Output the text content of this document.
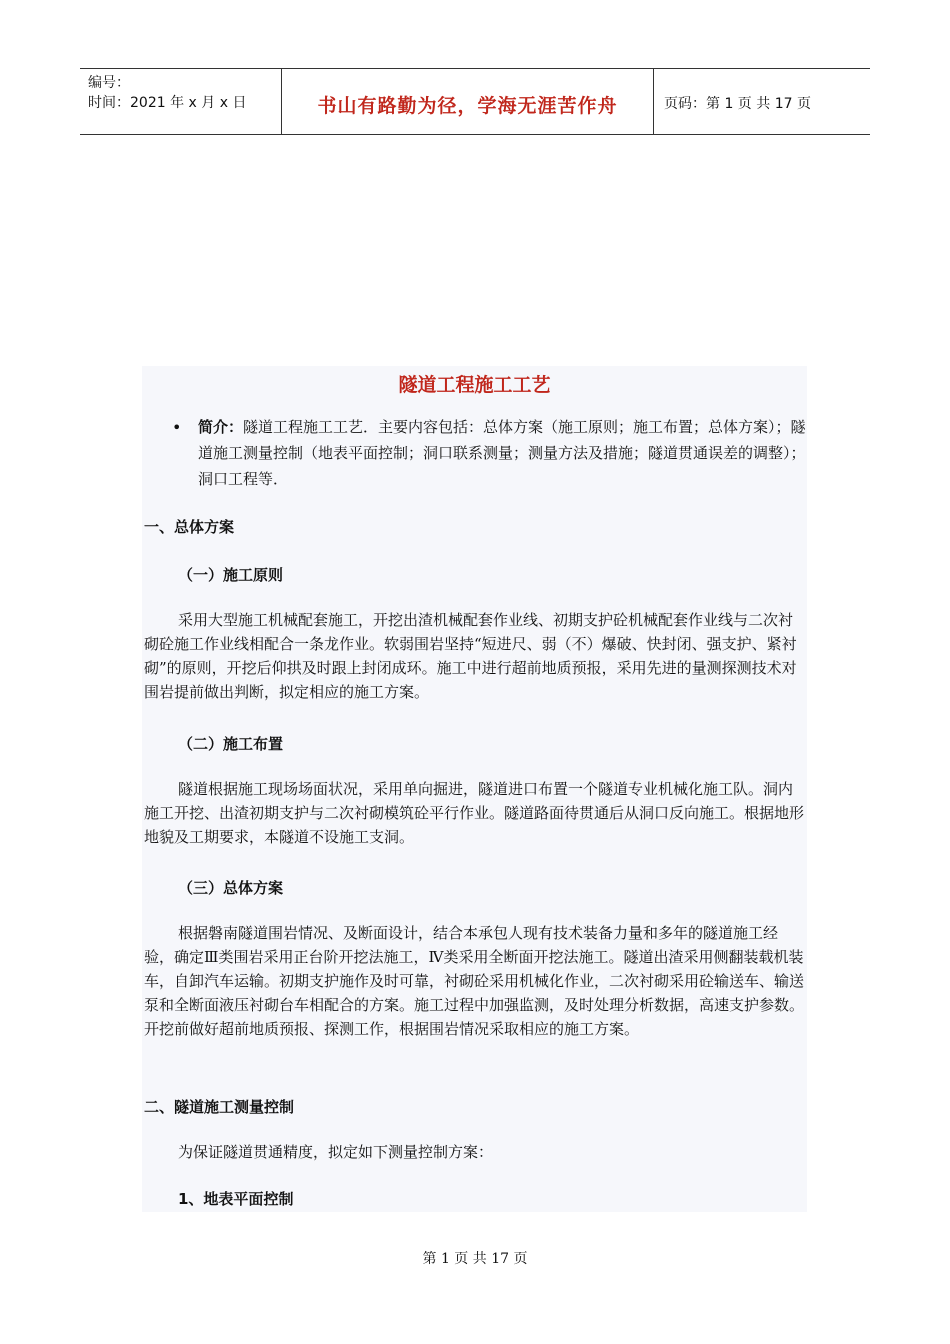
编号：
时间：2021 年 x 月 x 日	书山有路勤为径，学海无涯苦作舟	页码：第 1 页 共 17 页
隧道工程施工工艺
• 简介：隧道工程施工工艺．主要内容包括：总体方案（施工原则；施工布置；总体方案）；隧道施工测量控制（地表平面控制；洞口联系测量；测量方法及措施；隧道贯通误差的调整）；洞口工程等．
一、总体方案
（一）施工原则
采用大型施工机械配套施工，开挖出渣机械配套作业线、初期支护砼机械配套作业线与二次衬砌砼施工作业线相配合一条龙作业。软弱围岩坚持“短进尺、弱（不）爆破、快封闭、强支护、紧衬砌”的原则，开挖后仰拱及时跟上封闭成环。施工中进行超前地质预报，采用先进的量测探测技术对围岩提前做出判断，拟定相应的施工方案。
（二）施工布置
隧道根据施工现场场面状况，采用单向掘进，隧道进口布置一个隧道专业机械化施工队。洞内施工开挖、出渣初期支护与二次衬砌模筑砼平行作业。隧道路面待贯通后从洞口反向施工。根据地形地貌及工期要求，本隧道不设施工支洞。
（三）总体方案
根据磐南隧道围岩情况、及断面设计，结合本承包人现有技术装备力量和多年的隧道施工经验，确定Ⅲ类围岩采用正台阶开挖法施工，Ⅳ类采用全断面开挖法施工。隧道出渣采用侧翻装载机装车，自卸汽车运输。初期支护施作及时可靠，衬砌砼采用机械化作业，二次衬砌采用砼输送车、输送泵和全断面液压衬砌台车相配合的方案。施工过程中加强监测，及时处理分析数据，高速支护参数。开挖前做好超前地质预报、探测工作，根据围岩情况采取相应的施工方案。
二、隧道施工测量控制
为保证隧道贯通精度，拟定如下测量控制方案：
1、地表平面控制
第 1 页 共 17 页
